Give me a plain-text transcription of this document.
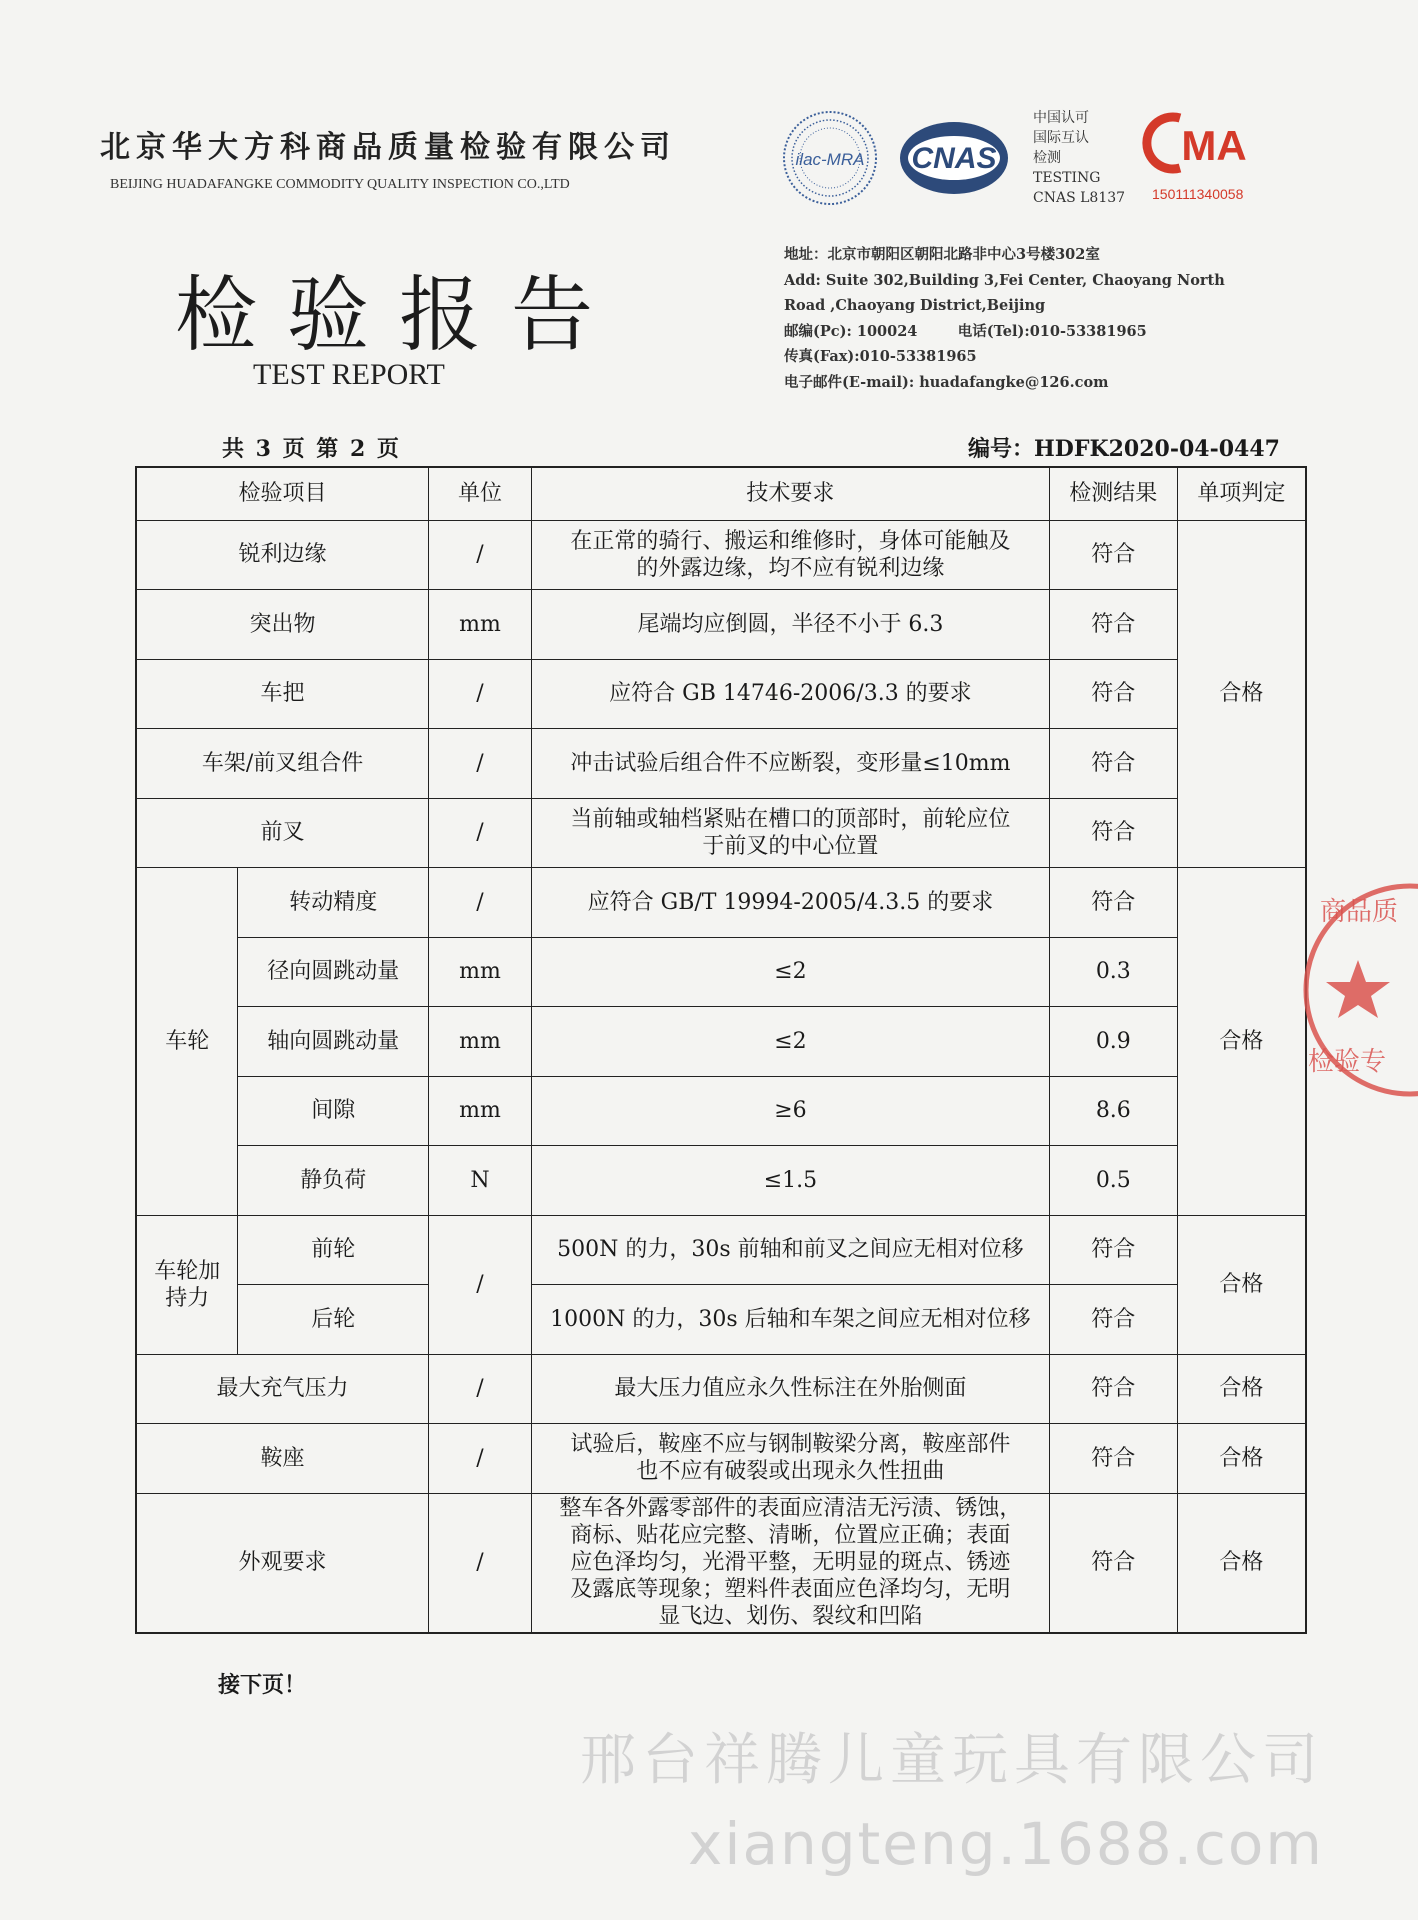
北京华大方科商品质量检验有限公司
BEIJING HUADAFANGKE COMMODITY QUALITY INSPECTION CO.,LTD
检验报告
TEST REPORT
ilac-MRA CNAS
中国认可
国际互认
检测
TESTING
CNAS L8137
MA
150111340058
地址：北京市朝阳区朝阳北路非中心3号楼302室
Add: Suite 302,Building 3,Fei Center, Chaoyang North
Road ,Chaoyang District,Beijing
邮编(Pc): 100024	电话(Tel):010-53381965
传真(Fax):010-53381965
电子邮件(E-mail): huadafangke@126.com
共 3 页 第 2 页	编号：HDFK2020-04-0447
检验项目		单位	技术要求	检测结果	单项判定
锐利边缘		/	在正常的骑行、搬运和维修时，身体可能触及
的外露边缘，均不应有锐利边缘	符合	合格
突出物		mm	尾端均应倒圆，半径不小于 6.3	符合	
车把		/	应符合 GB 14746-2006/3.3 的要求	符合	
车架/前叉组合件		/	冲击试验后组合件不应断裂，变形量≤10mm	符合	
前叉		/	当前轴或轴档紧贴在槽口的顶部时，前轮应位
于前叉的中心位置	符合	
车轮	转动精度	/	应符合 GB/T 19994-2005/4.3.5 的要求	符合	合格
	径向圆跳动量	mm	≤2	0.3	
	轴向圆跳动量	mm	≤2	0.9	
	间隙	mm	≥6	8.6	
	静负荷	N	≤1.5	0.5	

车轮加持力	前轮	/	500N 的力，30s 前轴和前叉之间应无相对位移	符合	合格
	后轮		1000N 的力，30s 后轴和车架之间应无相对位移	符合	
最大充气压力		/	最大压力值应永久性标注在外胎侧面	符合	合格
鞍座		/	试验后，鞍座不应与钢制鞍梁分离，鞍座部件
也不应有破裂或出现永久性扭曲	符合	合格
外观要求		/	整车各外露零部件的表面应清洁无污渍、锈蚀，
商标、贴花应完整、清晰，位置应正确；表面
应色泽均匀，光滑平整，无明显的斑点、锈迹
及露底等现象；塑料件表面应色泽均匀，无明
显飞边、划伤、裂纹和凹陷	符合	合格
接下页！
邢台祥腾儿童玩具有限公司
xiangteng.1688.com
商品质
检验专
